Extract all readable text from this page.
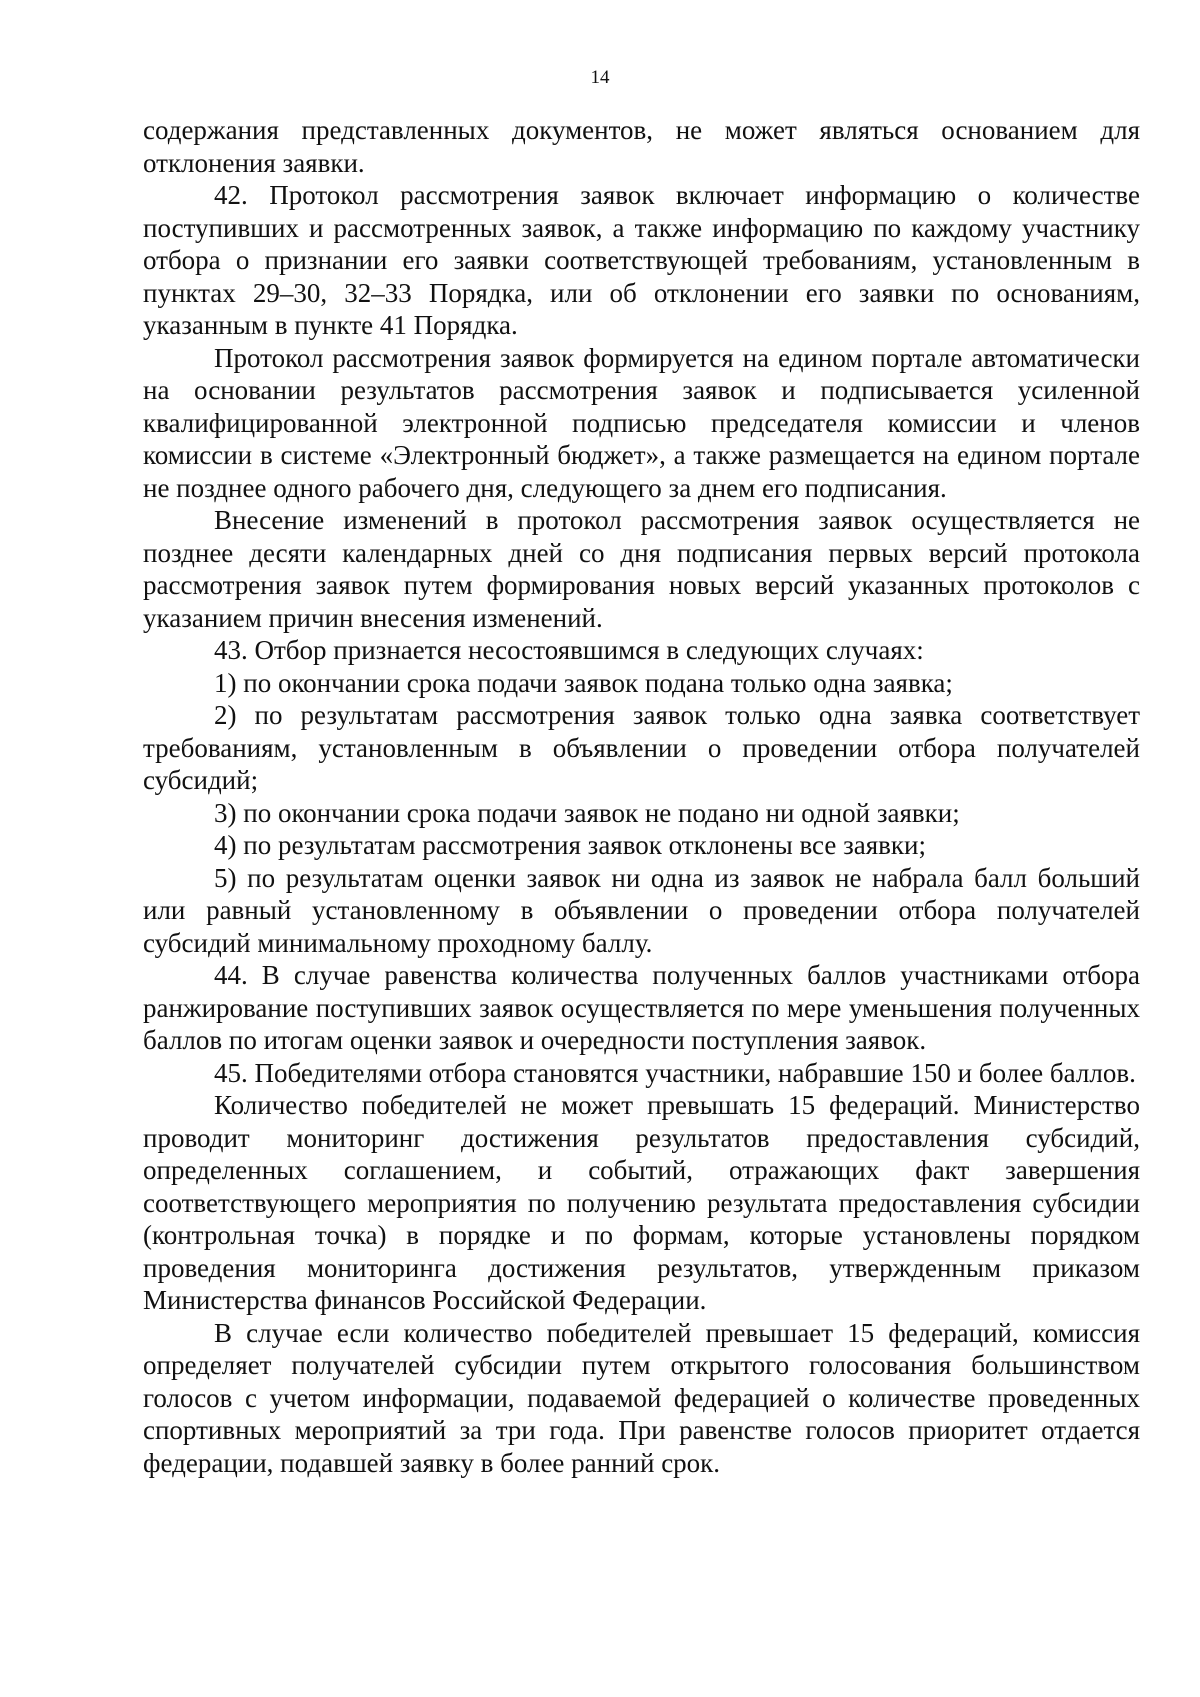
14

содержания представленных документов, не может являться основанием для отклонения заявки.

42. Протокол рассмотрения заявок включает информацию о количестве поступивших и рассмотренных заявок, а также информацию по каждому участнику отбора о признании его заявки соответствующей требованиям, установленным в пунктах 29–30, 32–33 Порядка, или об отклонении его заявки по основаниям, указанным в пункте 41 Порядка.

Протокол рассмотрения заявок формируется на едином портале автоматически на основании результатов рассмотрения заявок и подписывается усиленной квалифицированной электронной подписью председателя комиссии и членов комиссии в системе «Электронный бюджет», а также размещается на едином портале не позднее одного рабочего дня, следующего за днем его подписания.

Внесение изменений в протокол рассмотрения заявок осуществляется не позднее десяти календарных дней со дня подписания первых версий протокола рассмотрения заявок путем формирования новых версий указанных протоколов с указанием причин внесения изменений.

43. Отбор признается несостоявшимся в следующих случаях:

1) по окончании срока подачи заявок подана только одна заявка;

2) по результатам рассмотрения заявок только одна заявка соответствует требованиям, установленным в объявлении о проведении отбора получателей субсидий;

3) по окончании срока подачи заявок не подано ни одной заявки;

4) по результатам рассмотрения заявок отклонены все заявки;

5) по результатам оценки заявок ни одна из заявок не набрала балл больший или равный установленному в объявлении о проведении отбора получателей субсидий минимальному проходному баллу.

44. В случае равенства количества полученных баллов участниками отбора ранжирование поступивших заявок осуществляется по мере уменьшения полученных баллов по итогам оценки заявок и очередности поступления заявок.

45. Победителями отбора становятся участники, набравшие 150 и более баллов.

Количество победителей не может превышать 15 федераций. Министерство проводит мониторинг достижения результатов предоставления субсидий, определенных соглашением, и событий, отражающих факт завершения соответствующего мероприятия по получению результата предоставления субсидии (контрольная точка) в порядке и по формам, которые установлены порядком проведения мониторинга достижения результатов, утвержденным приказом Министерства финансов Российской Федерации.

В случае если количество победителей превышает 15 федераций, комиссия определяет получателей субсидии путем открытого голосования большинством голосов с учетом информации, подаваемой федерацией о количестве проведенных спортивных мероприятий за три года. При равенстве голосов приоритет отдается федерации, подавшей заявку в более ранний срок.
